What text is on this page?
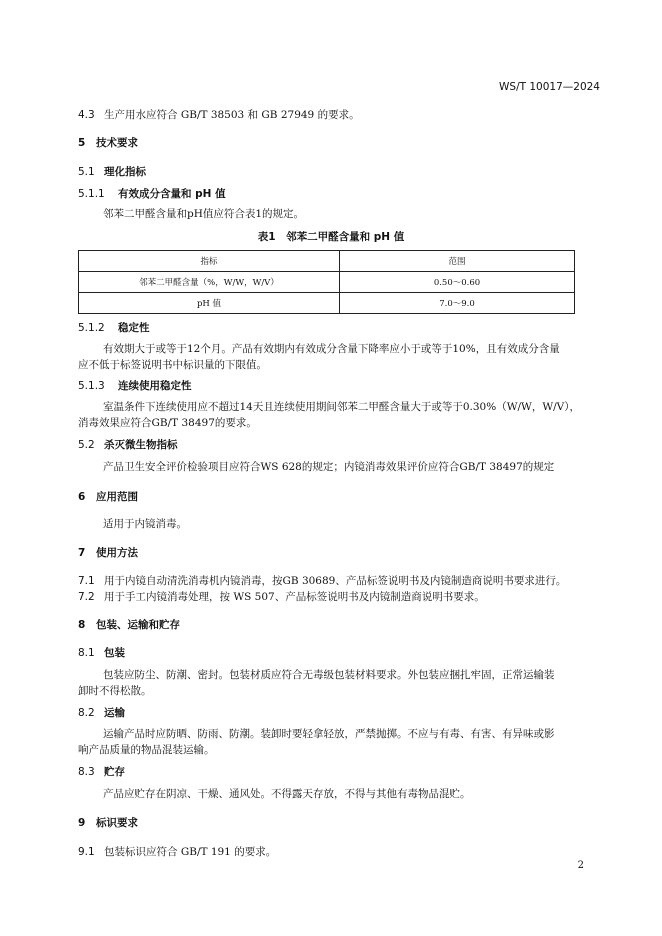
WS/T 10017—2024
4.3 生产用水应符合 GB/T 38503 和 GB 27949 的要求。
5 技术要求
5.1 理化指标
5.1.1 有效成分含量和 pH 值
邻苯二甲醛含量和pH值应符合表1的规定。
表1　邻苯二甲醛含量和 pH 值
指标	范围
邻苯二甲醛含量（%，W/W，W/V）	0.50～0.60
pH 值	7.0～9.0
5.1.2 稳定性
有效期大于或等于12个月。产品有效期内有效成分含量下降率应小于或等于10%，且有效成分含量
应不低于标签说明书中标识量的下限值。
5.1.3 连续使用稳定性
室温条件下连续使用应不超过14天且连续使用期间邻苯二甲醛含量大于或等于0.30%（W/W，W/V），
消毒效果应符合GB/T 38497的要求。
5.2 杀灭微生物指标
产品卫生安全评价检验项目应符合WS 628的规定；内镜消毒效果评价应符合GB/T 38497的规定
6 应用范围
适用于内镜消毒。
7 使用方法
7.1 用于内镜自动清洗消毒机内镜消毒，按GB 30689、产品标签说明书及内镜制造商说明书要求进行。
7.2 用于手工内镜消毒处理，按 WS 507、产品标签说明书及内镜制造商说明书要求。
8 包装、运输和贮存
8.1 包装
包装应防尘、防潮、密封。包装材质应符合无毒级包装材料要求。外包装应捆扎牢固，正常运输装
卸时不得松散。
8.2 运输
运输产品时应防晒、防雨、防潮。装卸时要轻拿轻放，严禁抛掷。不应与有毒、有害、有异味或影
响产品质量的物品混装运输。
8.3 贮存
产品应贮存在阴凉、干燥、通风处。不得露天存放，不得与其他有毒物品混贮。
9 标识要求
9.1 包装标识应符合 GB/T 191 的要求。
2
